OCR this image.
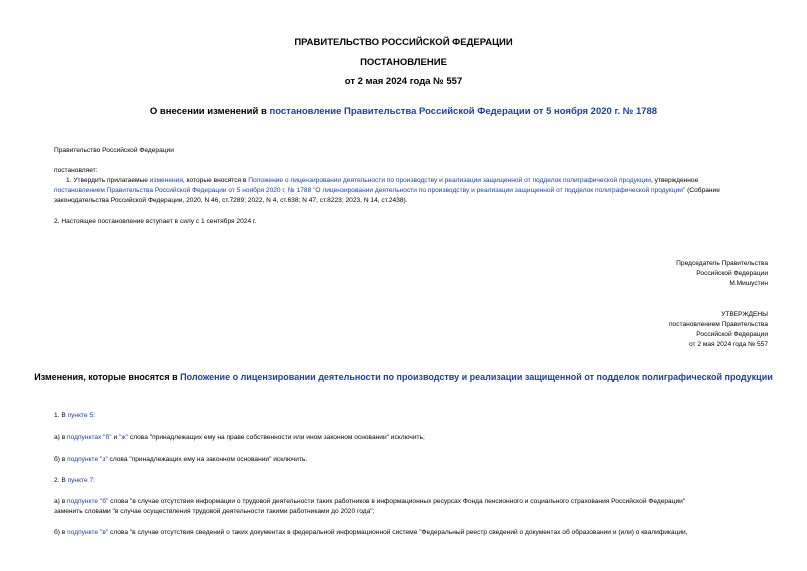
ПРАВИТЕЛЬСТВО РОССИЙСКОЙ ФЕДЕРАЦИИ
ПОСТАНОВЛЕНИЕ
от 2 мая 2024 года № 557
О внесении изменений в постановление Правительства Российской Федерации от 5 ноября 2020 г. № 1788
Правительство Российской Федерации
постановляет:
1. Утвердить прилагаемые изменения, которые вносятся в Положение о лицензировании деятельности по производству и реализации защищенной от подделок полиграфической продукции, утвержденное
постановлением Правительства Российской Федерации от 5 ноября 2020 г. № 1788 "О лицензировании деятельности по производству и реализации защищенной от подделок полиграфической продукции" (Собрание
законодательства Российской Федерации, 2020, N 46, ст.7289; 2022, N 4, ст.638; N 47, ст.8223; 2023, N 14, ст.2438).
2. Настоящее постановление вступает в силу с 1 сентября 2024 г.
Председатель Правительства
Российской Федерации
М.Мишустин
УТВЕРЖДЕНЫ
постановлением Правительства
Российской Федерации
от 2 мая 2024 года № 557
Изменения, которые вносятся в Положение о лицензировании деятельности по производству и реализации защищенной от подделок полиграфической продукции
1. В пункте 5:
а) в подпунктах "б" и "ж" слова "принадлежащих ему на праве собственности или ином законном основании" исключить;
б) в подпункте "з" слова "принадлежащих ему на законном основании" исключить.
2. В пункте 7:
а) в подпункте "б" слова "в случае отсутствия информации о трудовой деятельности таких работников в информационных ресурсах Фонда пенсионного и социального страхования Российской Федерации"
заменить словами "в случае осуществления трудовой деятельности такими работниками до 2020 года";
б) в подпункте "в" слова "в случае отсутствия сведений о таких документах в федеральной информационной системе "Федеральный реестр сведений о документах об образовании и (или) о квалификации,
